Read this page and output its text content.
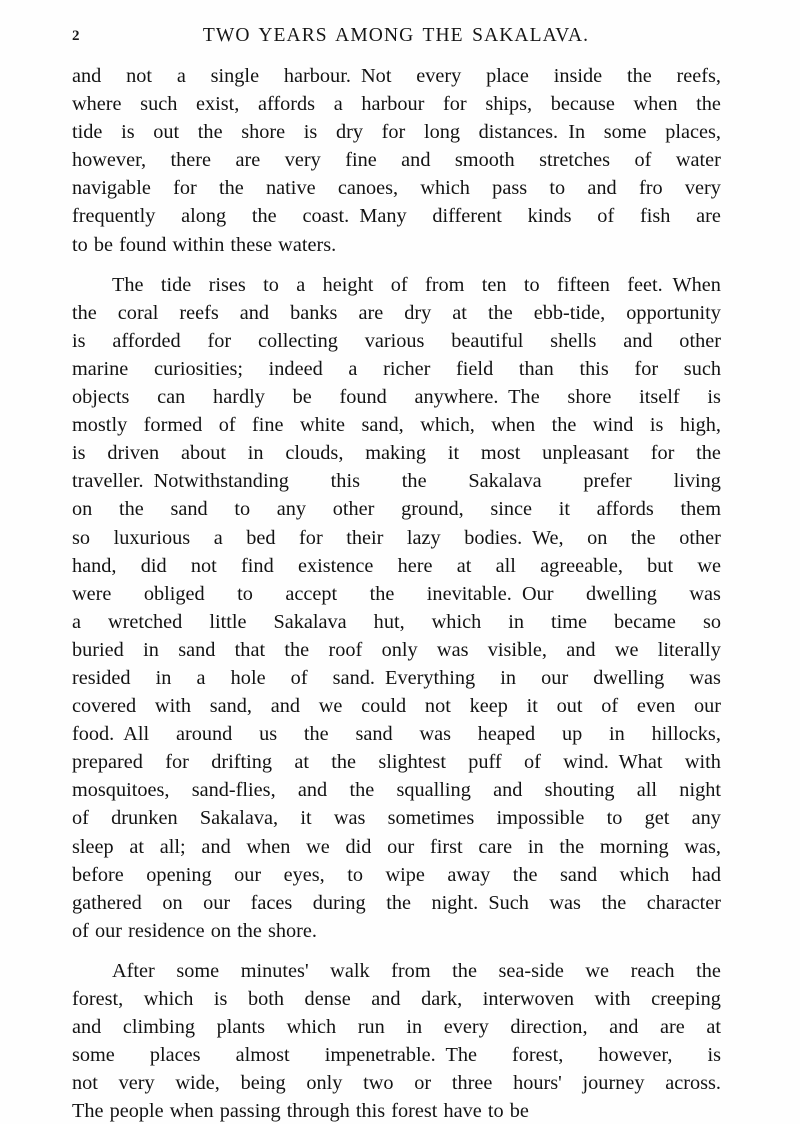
2	TWO YEARS AMONG THE SAKALAVA.

and not a single harbour.  Not every place inside the reefs,
where such exist, affords a harbour for ships, because when the
tide is out the shore is dry for long distances.  In some places,
however, there are very fine and smooth stretches of water
navigable for the native canoes, which pass to and fro very
frequently along the coast.  Many different kinds of fish are
to be found within these waters.

The tide rises to a height of from ten to fifteen feet.  When
the coral reefs and banks are dry at the ebb-tide, opportunity
is afforded for collecting various beautiful shells and other
marine curiosities; indeed a richer field than this for such
objects can hardly be found anywhere.  The shore itself is
mostly formed of fine white sand, which, when the wind is high,
is driven about in clouds, making it most unpleasant for the
traveller.  Notwithstanding this the Sakalava prefer living
on the sand to any other ground, since it affords them
so luxurious a bed for their lazy bodies.  We, on the other
hand, did not find existence here at all agreeable, but we
were obliged to accept the inevitable.  Our dwelling was
a wretched little Sakalava hut, which in time became so
buried in sand that the roof only was visible, and we literally
resided in a hole of sand.  Everything in our dwelling was
covered with sand, and we could not keep it out of even our
food.  All around us the sand was heaped up in hillocks,
prepared for drifting at the slightest puff of wind.  What with
mosquitoes, sand-flies, and the squalling and shouting all night
of drunken Sakalava, it was sometimes impossible to get any
sleep at all; and when we did our first care in the morning was,
before opening our eyes, to wipe away the sand which had
gathered on our faces during the night.  Such was the character
of our residence on the shore.

After some minutes' walk from the sea-side we reach the
forest, which is both dense and dark, interwoven with creeping
and climbing plants which run in every direction, and are at
some places almost impenetrable.  The forest, however, is
not very wide, being only two or three hours' journey across.
The people when passing through this forest have to be
